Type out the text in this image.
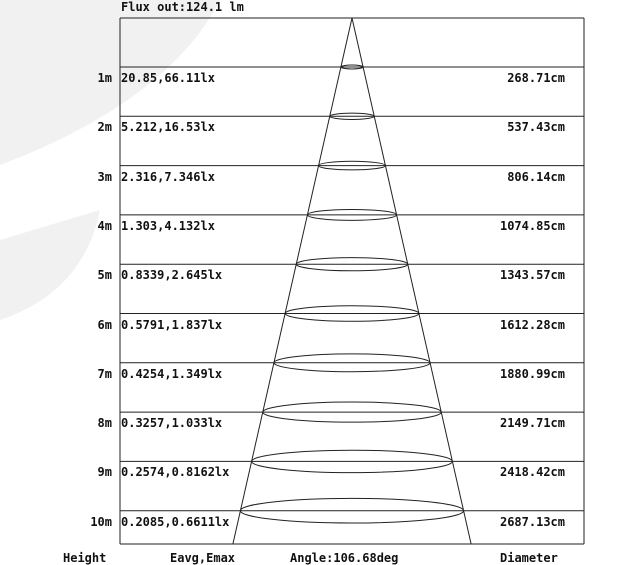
Flux out:124.1 lm
1m 20.85,66.11lx	268.71cm
2m 5.212,16.53lx	537.43cm
3m 2.316,7.346lx	806.14cm
4m 1.303,4.132lx	1074.85cm
5m 0.8339,2.645lx	1343.57cm
6m 0.5791,1.837lx	1612.28cm
7m 0.4254,1.349lx	1880.99cm
8m 0.3257,1.033lx	2149.71cm
9m 0.2574,0.8162lx	2418.42cm
10m 0.2085,0.6611lx	2687.13cm
Height	Eavg,Emax	Angle:106.68deg	Diameter
